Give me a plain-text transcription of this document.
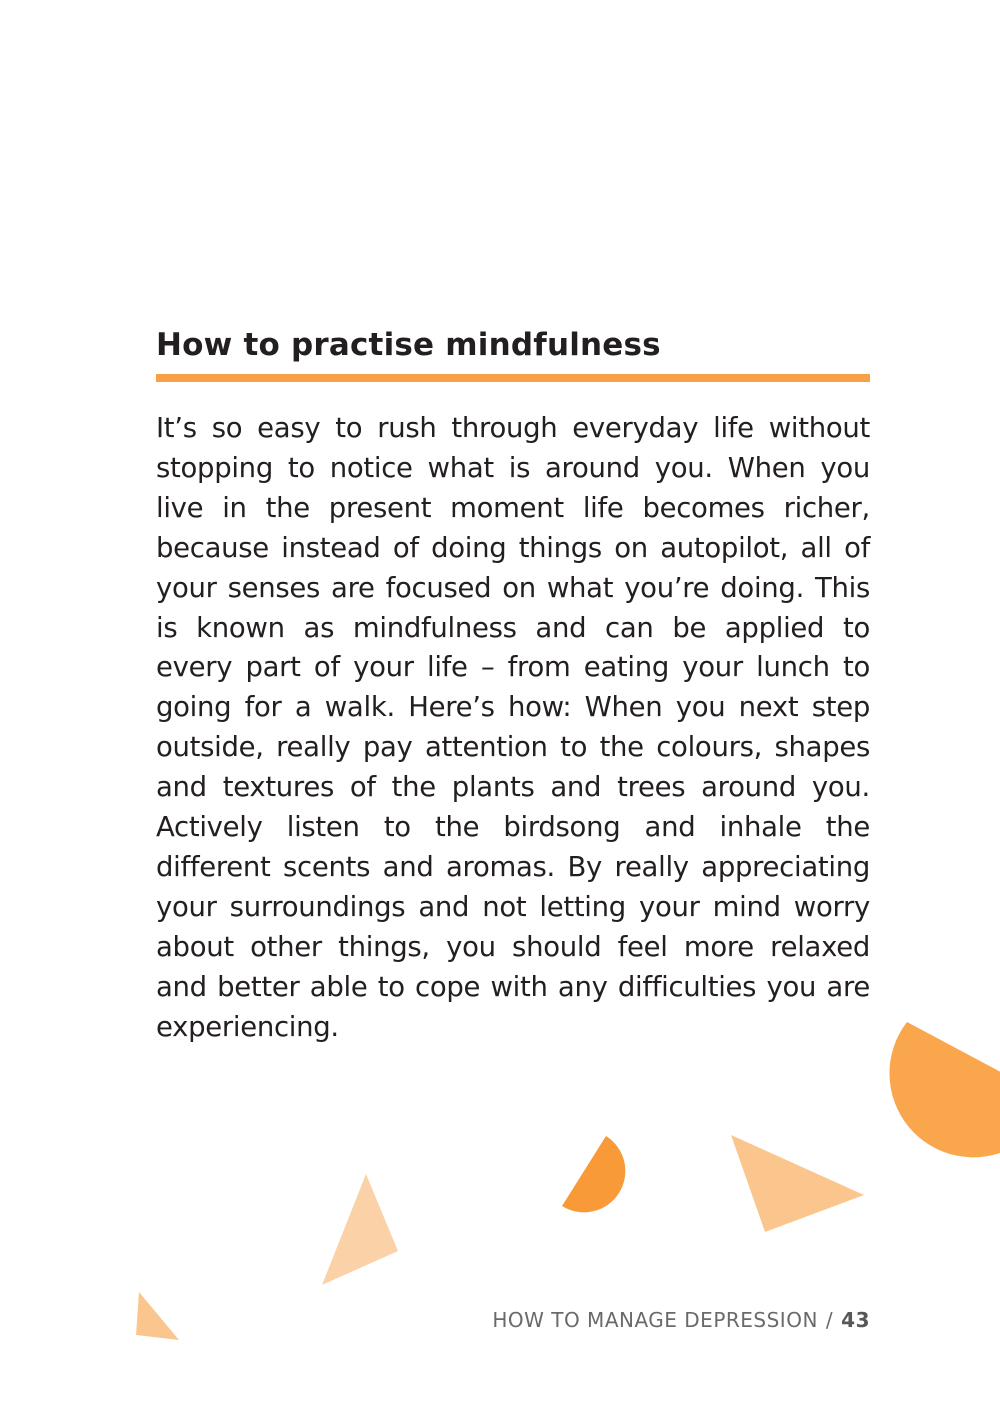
How to practise mindfulness

It’s so easy to rush through everyday life without stopping to notice what is around you. When you live in the present moment life becomes richer, because instead of doing things on autopilot, all of your senses are focused on what you’re doing. This is known as mindfulness and can be applied to every part of your life – from eating your lunch to going for a walk. Here’s how: When you next step outside, really pay attention to the colours, shapes and textures of the plants and trees around you. Actively listen to the birdsong and inhale the different scents and aromas. By really appreciating your surroundings and not letting your mind worry about other things, you should feel more relaxed and better able to cope with any difficulties you are experiencing.

HOW TO MANAGE DEPRESSION / 43
